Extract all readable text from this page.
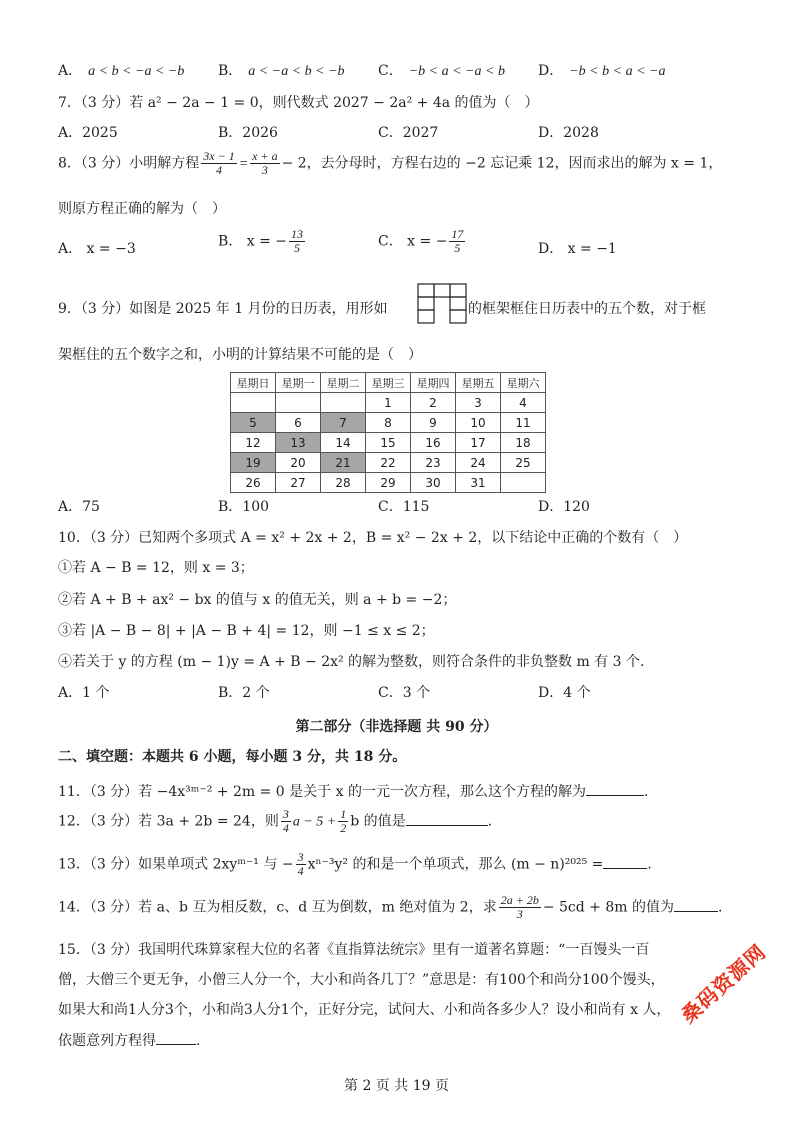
A． a < b < −a < −b B． a < −a < b < −b C． −b < a < −a < b D． −b < b < a < −a
7．（3 分）若 a² − 2a − 1 = 0，则代数式 2027 − 2a² + 4a 的值为（　）
A．2025	B．2026	C．2027	D．2028
8．（3 分）小明解方程 $\frac{3x - 1}{4} = \frac{x + a}{3} - 2$，去分母时，方程右边的 −2 忘记乘 12，因而求出的解为 x = 1，
则原方程正确的解为（　）
A． x = −3	B． x = − $\frac{13}{5}$	C． x = − $\frac{17}{5}$	D． x = −1
9．（3 分）如图是 2025 年 1 月份的日历表，用形如	的框架框住日历表中的五个数，对于框
架框住的五个数字之和，小明的计算结果不可能的是（　）
星期日	星期一	星期二	星期三	星期四	星期五	星期六
			1	2	3	4
5	6	7	8	9	10	11
12	13	14	15	16	17	18
19	20	21	22	23	24	25
26	27	28	29	30	31	
A．75	B．100	C．115	D．120
10．（3 分）已知两个多项式 A = x² + 2x + 2，B = x² − 2x + 2，以下结论中正确的个数有（　）
①若 A − B = 12，则 x = 3；
②若 A + B + ax² − bx 的值与 x 的值无关，则 a + b = −2；
③若 |A − B − 8| + |A − B + 4| = 12，则 −1 ≤ x ≤ 2；
④若关于 y 的方程 (m − 1)y = A + B − 2x² 的解为整数，则符合条件的非负整数 m 有 3 个.
A．1 个	B．2 个	C．3 个	D．4 个
第二部分（非选择题 共 90 分）
二、填空题：本题共 6 小题，每小题 3 分，共 18 分。
11．（3 分）若 −4x³ᵐ⁻² + 2m = 0 是关于 x 的一元一次方程，那么这个方程的解为	.
12．（3 分）若 3a + 2b = 24，则 $\frac{3}{4}$ $a - 5 + \frac{1}{2}$ b 的值是	.
13．（3 分）如果单项式 2xyᵐ⁻¹ 与 − $\frac{3}{4} x^{n-3}y^2$ 的和是一个单项式，那么 (m − n)²⁰²⁵ =	.
14．（3 分）若 a、b 互为相反数，c、d 互为倒数，m 绝对值为 2，求 $\frac{2a + 2b}{3} - 5cd + 8m$ 的值为	.
15．（3 分）我国明代珠算家程大位的名著《直指算法统宗》里有一道著名算题：“一百馒头一百
僧，大僧三个更无争，小僧三人分一个，大小和尚各几丁？”意思是：有100个和尚分100个馒头，
如果大和尚1人分3个，小和尚3人分1个，正好分完，试问大、小和尚各多少人？设小和尚有 x 人，
依题意列方程得	.
桑码资源网
第 2 页 共 19 页
